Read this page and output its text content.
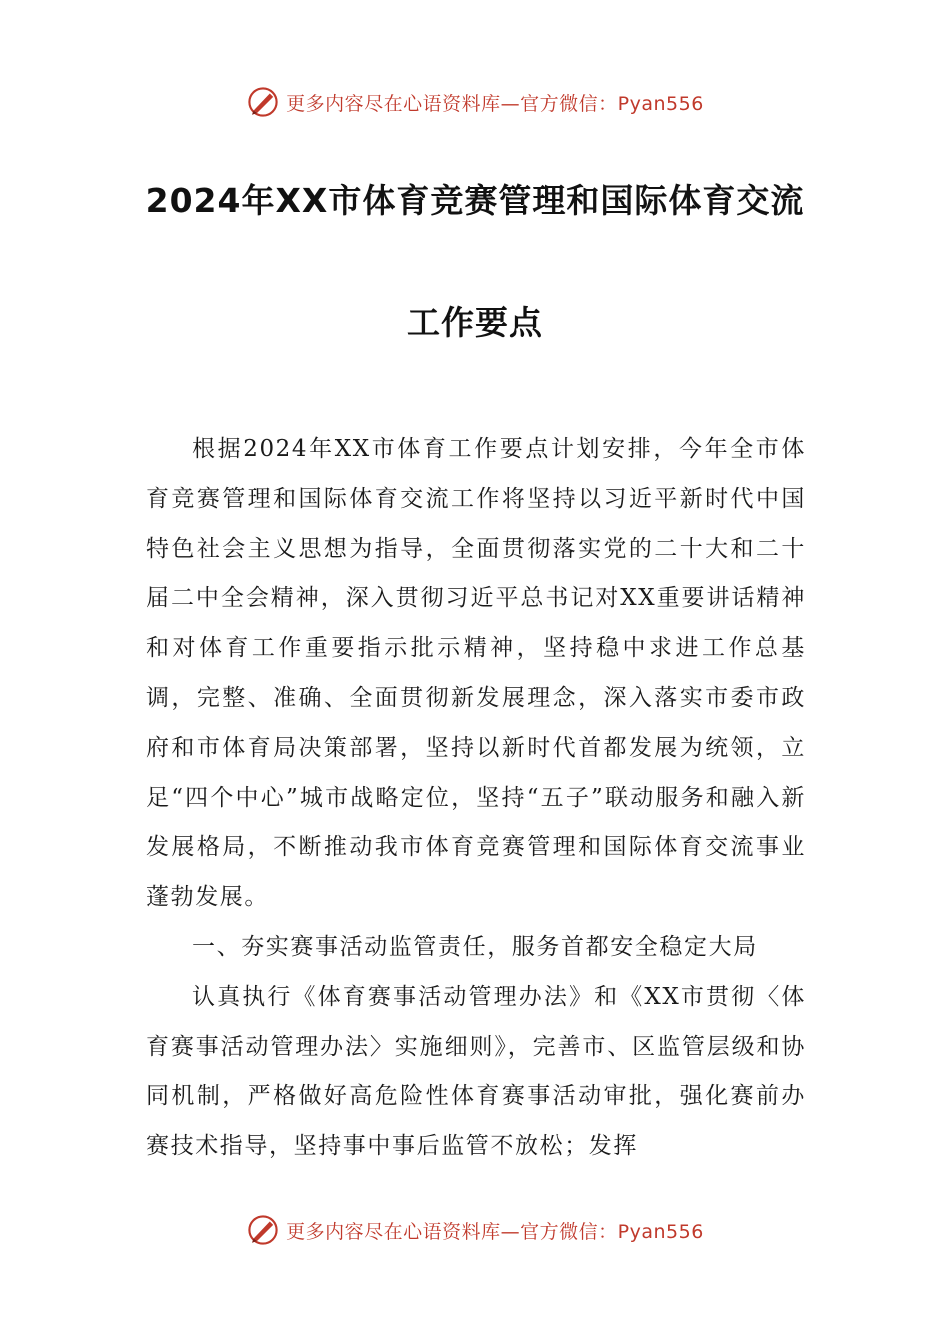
更多内容尽在心语资料库—官方微信：Pyan556
2024年XX市体育竞赛管理和国际体育交流
工作要点

根据2024年XX市体育工作要点计划安排，今年全市体育竞赛管理和国际体育交流工作将坚持以习近平新时代中国特色社会主义思想为指导，全面贯彻落实党的二十大和二十届二中全会精神，深入贯彻习近平总书记对XX重要讲话精神和对体育工作重要指示批示精神，坚持稳中求进工作总基调，完整、准确、全面贯彻新发展理念，深入落实市委市政府和市体育局决策部署，坚持以新时代首都发展为统领，立足“四个中心”城市战略定位，坚持“五子”联动服务和融入新发展格局，不断推动我市体育竞赛管理和国际体育交流事业蓬勃发展。

一、夯实赛事活动监管责任，服务首都安全稳定大局

认真执行《体育赛事活动管理办法》和《XX市贯彻〈体育赛事活动管理办法〉实施细则》，完善市、区监管层级和协同机制，严格做好高危险性体育赛事活动审批，强化赛前办赛技术指导，坚持事中事后监管不放松；发挥

更多内容尽在心语资料库—官方微信：Pyan556
